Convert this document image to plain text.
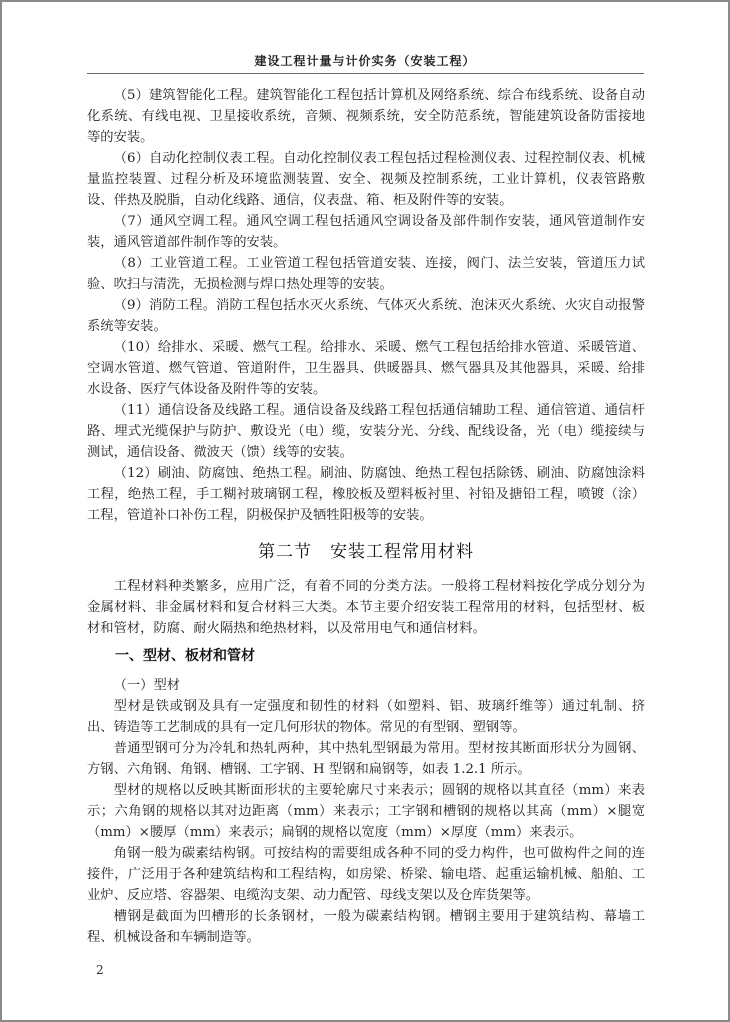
建设工程计量与计价实务（安装工程）

（5）建筑智能化工程。建筑智能化工程包括计算机及网络系统、综合布线系统、设备自动化系统、有线电视、卫星接收系统，音频、视频系统，安全防范系统，智能建筑设备防雷接地等的安装。

（6）自动化控制仪表工程。自动化控制仪表工程包括过程检测仪表、过程控制仪表、机械量监控装置、过程分析及环境监测装置、安全、视频及控制系统，工业计算机，仪表管路敷设、伴热及脱脂，自动化线路、通信，仪表盘、箱、柜及附件等的安装。

（7）通风空调工程。通风空调工程包括通风空调设备及部件制作安装，通风管道制作安装，通风管道部件制作等的安装。

（8）工业管道工程。工业管道工程包括管道安装、连接，阀门、法兰安装，管道压力试验、吹扫与清洗，无损检测与焊口热处理等的安装。

（9）消防工程。消防工程包括水灭火系统、气体灭火系统、泡沫灭火系统、火灾自动报警系统等安装。

（10）给排水、采暖、燃气工程。给排水、采暖、燃气工程包括给排水管道、采暖管道、空调水管道、燃气管道、管道附件，卫生器具、供暖器具、燃气器具及其他器具，采暖、给排水设备、医疗气体设备及附件等的安装。

（11）通信设备及线路工程。通信设备及线路工程包括通信辅助工程、通信管道、通信杆路、埋式光缆保护与防护、敷设光（电）缆，安装分光、分线、配线设备，光（电）缆接续与测试，通信设备、微波天（馈）线等的安装。

（12）刷油、防腐蚀、绝热工程。刷油、防腐蚀、绝热工程包括除锈、刷油、防腐蚀涂料工程，绝热工程，手工糊衬玻璃钢工程，橡胶板及塑料板衬里、衬铅及搪铅工程，喷镀（涂）工程，管道补口补伤工程，阴极保护及牺牲阳极等的安装。

第二节 安装工程常用材料

工程材料种类繁多，应用广泛，有着不同的分类方法。一般将工程材料按化学成分划分为金属材料、非金属材料和复合材料三大类。本节主要介绍安装工程常用的材料，包括型材、板材和管材，防腐、耐火隔热和绝热材料，以及常用电气和通信材料。

一、型材、板材和管材
（一）型材

型材是铁或钢及具有一定强度和韧性的材料（如塑料、铝、玻璃纤维等）通过轧制、挤出、铸造等工艺制成的具有一定几何形状的物体。常见的有型钢、塑钢等。

普通型钢可分为冷轧和热轧两种，其中热轧型钢最为常用。型材按其断面形状分为圆钢、方钢、六角钢、角钢、槽钢、工字钢、H 型钢和扁钢等，如表 1.2.1 所示。

型材的规格以反映其断面形状的主要轮廓尺寸来表示；圆钢的规格以其直径（mm）来表示；六角钢的规格以其对边距离（mm）来表示；工字钢和槽钢的规格以其高（mm）×腿宽（mm）×腰厚（mm）来表示；扁钢的规格以宽度（mm）×厚度（mm）来表示。

角钢一般为碳素结构钢。可按结构的需要组成各种不同的受力构件，也可做构件之间的连接件，广泛用于各种建筑结构和工程结构，如房梁、桥梁、输电塔、起重运输机械、船舶、工业炉、反应塔、容器架、电缆沟支架、动力配管、母线支架以及仓库货架等。

槽钢是截面为凹槽形的长条钢材，一般为碳素结构钢。槽钢主要用于建筑结构、幕墙工程、机械设备和车辆制造等。

2
